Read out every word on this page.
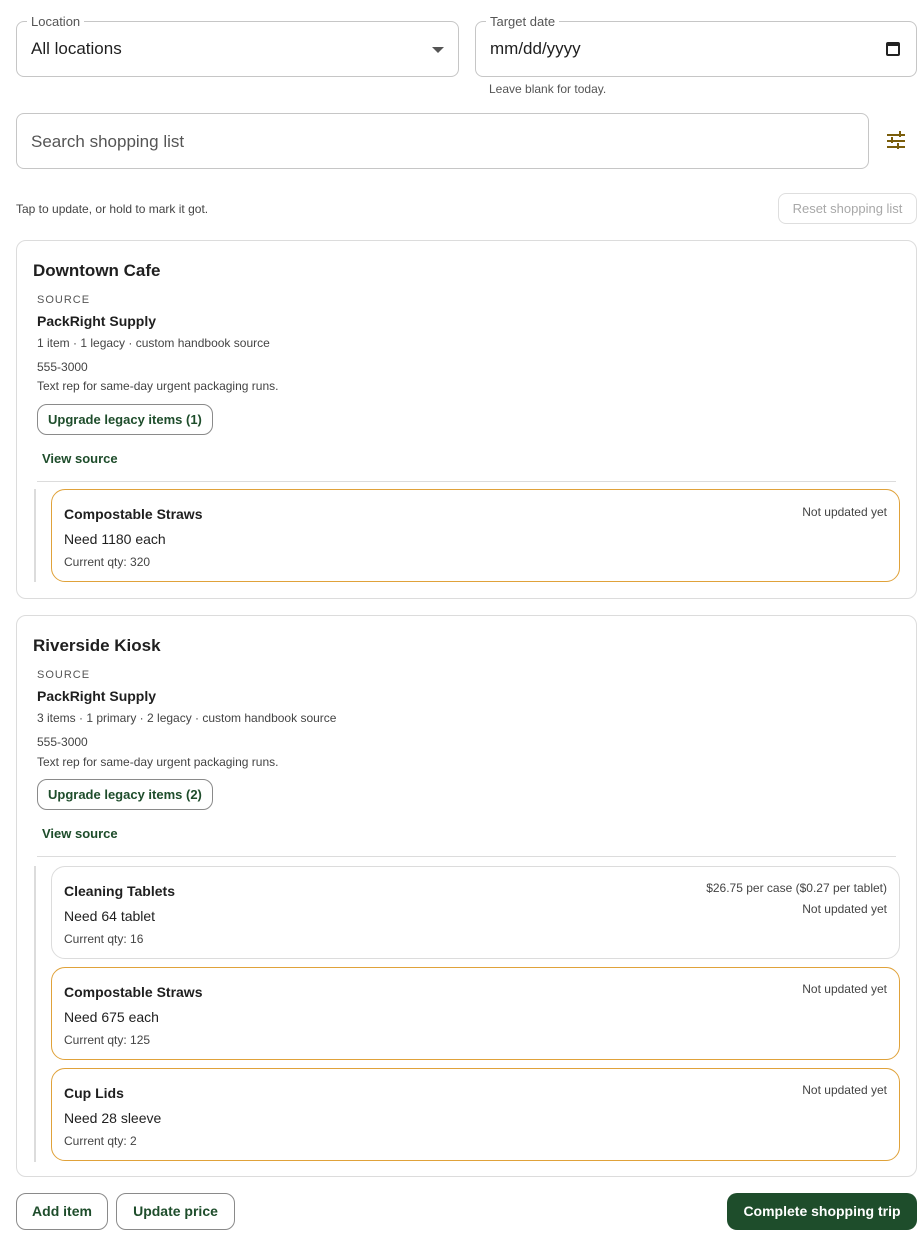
Location
All locations
Target date
mm/dd/yyyy
Leave blank for today.
Search shopping list
Tap to update, or hold to mark it got.	Reset shopping list
Downtown Cafe
SOURCE
PackRight Supply
1 item · 1 legacy · custom handbook source
555-3000
Text rep for same-day urgent packaging runs.
Upgrade legacy items (1)
View source
Compostable Straws
Need 1180 each
Current qty: 320
Not updated yet
Riverside Kiosk
SOURCE
PackRight Supply
3 items · 1 primary · 2 legacy · custom handbook source
555-3000
Text rep for same-day urgent packaging runs.
Upgrade legacy items (2)
View source
Cleaning Tablets
Need 64 tablet
Current qty: 16
$26.75 per case ($0.27 per tablet)
Not updated yet
Compostable Straws
Need 675 each
Current qty: 125
Not updated yet
Cup Lids
Need 28 sleeve
Current qty: 2
Not updated yet
Add item	Update price	Complete shopping trip
